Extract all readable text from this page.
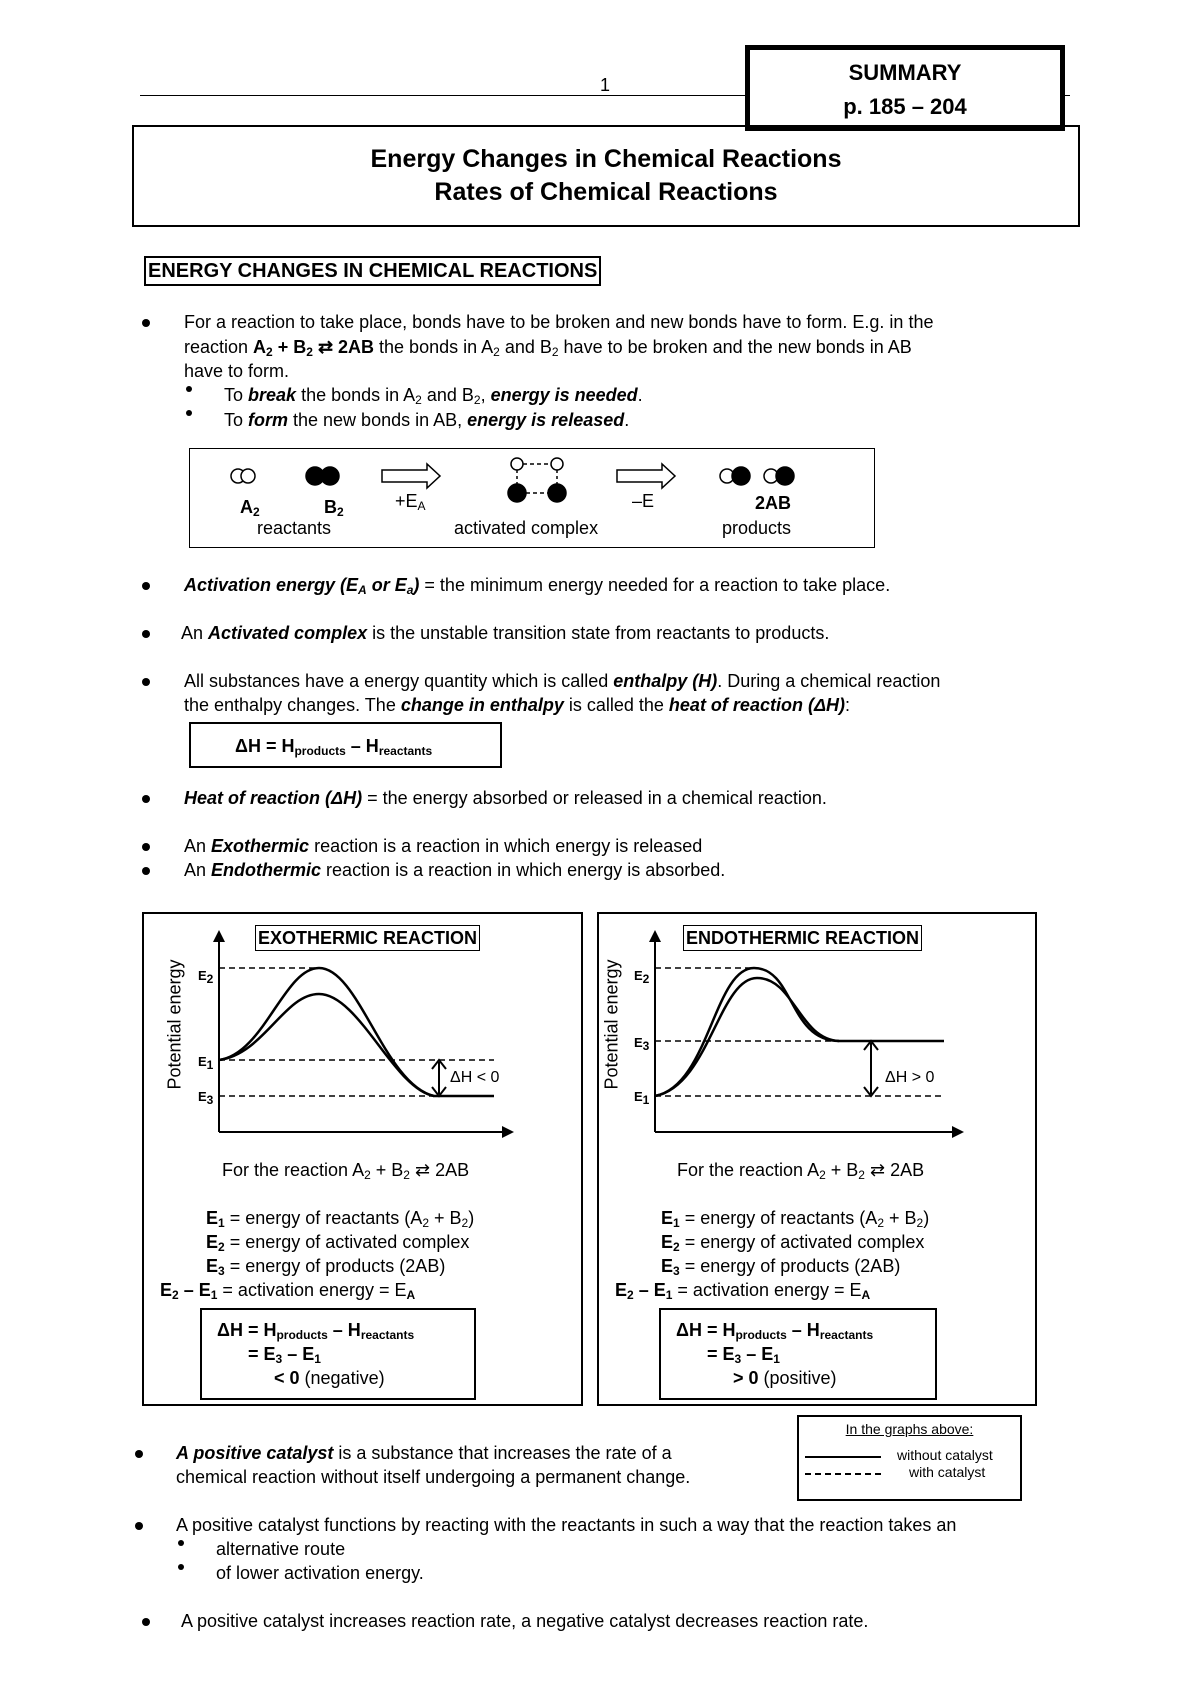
1	SUMMARY
p. 185 – 204
Energy Changes in Chemical Reactions
Rates of Chemical Reactions
ENERGY CHANGES IN CHEMICAL REACTIONS
For a reaction to take place, bonds have to be broken and new bonds have to form. E.g. in the
reaction $A_2 + B_2$ ⇄ 2AB the bonds in $A_2$ and $B_2$ have to be broken and the new bonds in AB
have to form.
To break the bonds in $A_2$ and $B_2$, energy is needed.
To form the new bonds in AB, energy is released.
$A_2$	$B_2$
$+E_A$	–E	2AB
reactants	activated complex	products
Activation energy ($E_A$ or $E_a$) = the minimum energy needed for a reaction to take place.
An Activated complex is the unstable transition state from reactants to products.
All substances have a energy quantity which is called enthalpy (H). During a chemical reaction
the enthalpy changes. The change in enthalpy is called the heat of reaction (ΔH):
$\Delta H = H_{products} - H_{reactants}$
Heat of reaction (ΔH) = the energy absorbed or released in a chemical reaction.
An Exothermic reaction is a reaction in which energy is released
An Endothermic reaction is a reaction in which energy is absorbed.
EXOTHERMIC REACTION
Potential energy $E_2$
$E_1$
$E_3$
ΔH < 0
For the reaction $A_2 + B_2$ ⇄ 2AB
$E_1$ = energy of reactants $(A_2 + B_2)$
$E_2$ = energy of activated complex
$E_3$ = energy of products (2AB)
$E_2 - E_1$ = activation energy = $E_A$
$\Delta H = H_{products} - H_{reactants}$
= $E_3 - E_1$
< 0 (negative)
ENDOTHERMIC REACTION
Potential energy $E_2$
$E_3$
$E_1$
ΔH > 0
For the reaction $A_2 + B_2$ ⇄ 2AB
$E_1$ = energy of reactants $(A_2 + B_2)$
$E_2$ = energy of activated complex
$E_3$ = energy of products (2AB)
$E_2 - E_1$ = activation energy = $E_A$
$\Delta H = H_{products} - H_{reactants}$
= $E_3 - E_1$
> 0 (positive)
In the graphs above:
without catalyst
with catalyst
A positive catalyst is a substance that increases the rate of a
chemical reaction without itself undergoing a permanent change.
A positive catalyst functions by reacting with the reactants in such a way that the reaction takes an
alternative route
of lower activation energy.
A positive catalyst increases reaction rate, a negative catalyst decreases reaction rate.
